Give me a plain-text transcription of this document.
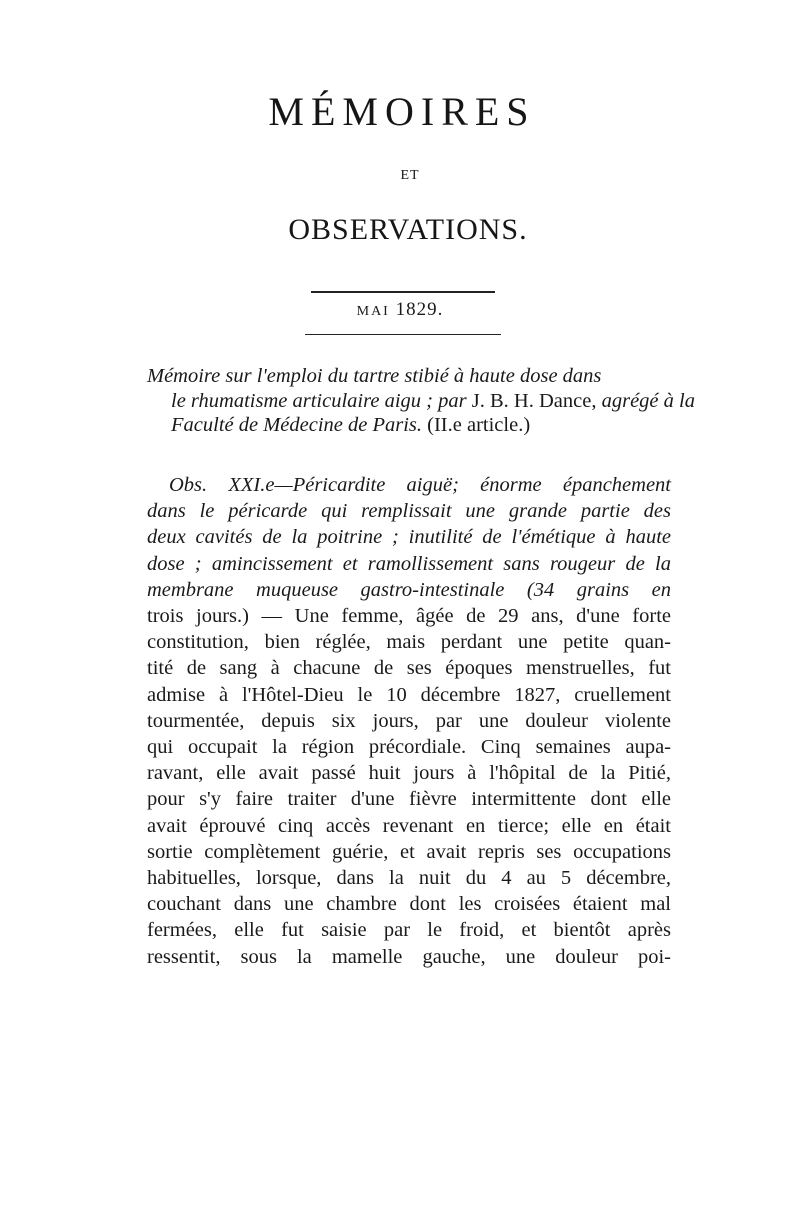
MÉMOIRES
ET
OBSERVATIONS.
MAI 1829.
Mémoire sur l'emploi du tartre stibié à haute dose dans
le rhumatisme articulaire aigu ; par J. B. H. Dance, agrégé à la Faculté de Médecine de Paris. (II.e article.)
Obs. XXI.e—Péricardite aiguë; énorme épanchement
dans le péricarde qui remplissait une grande partie des
deux cavités de la poitrine ; inutilité de l'émétique à haute
dose ; amincissement et ramollissement sans rougeur de la
membrane muqueuse gastro-intestinale (34 grains en
trois jours.) — Une femme, âgée de 29 ans, d'une forte
constitution, bien réglée, mais perdant une petite quan-
tité de sang à chacune de ses époques menstruelles, fut
admise à l'Hôtel-Dieu le 10 décembre 1827, cruellement
tourmentée, depuis six jours, par une douleur violente
qui occupait la région précordiale. Cinq semaines aupa-
ravant, elle avait passé huit jours à l'hôpital de la Pitié,
pour s'y faire traiter d'une fièvre intermittente dont elle
avait éprouvé cinq accès revenant en tierce; elle en était
sortie complètement guérie, et avait repris ses occupations
habituelles, lorsque, dans la nuit du 4 au 5 décembre,
couchant dans une chambre dont les croisées étaient mal
fermées, elle fut saisie par le froid, et bientôt après
ressentit, sous la mamelle gauche, une douleur poi-
